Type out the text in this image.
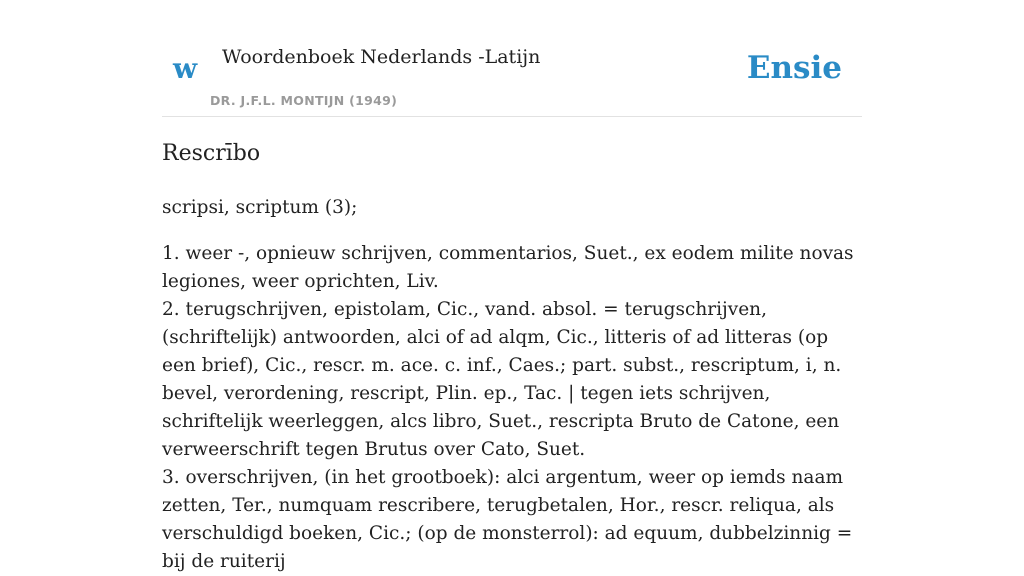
w Woordenboek Nederlands -Latijn
DR. J.F.L. MONTIJN (1949)
Ensie
Rescrībo
scripsi, scriptum (3);

1. weer -, opnieuw schrijven, commentarios, Suet., ex eodem milite novas legiones, weer oprichten, Liv.

2. terugschrijven, epistolam, Cic., vand. absol. = terugschrijven, (schriftelijk) antwoorden, alci of ad alqm, Cic., litteris of ad litteras (op een brief), Cic., rescr. m. ace. c. inf., Caes.; part. subst., rescriptum, i, n. bevel, verordening, rescript, Plin. ep., Tac. | tegen iets schrijven, schriftelijk weerleggen, alcs libro, Suet., rescripta Bruto de Catone, een verweerschrift tegen Brutus over Cato, Suet.

3. overschrijven, (in het grootboek): alci argentum, weer op iemds naam zetten, Ter., numquam rescribere, terugbetalen, Hor., rescr. reliqua, als verschuldigd boeken, Cic.; (op de monsterrol): ad equum, dubbelzinnig = bij de ruiterij
